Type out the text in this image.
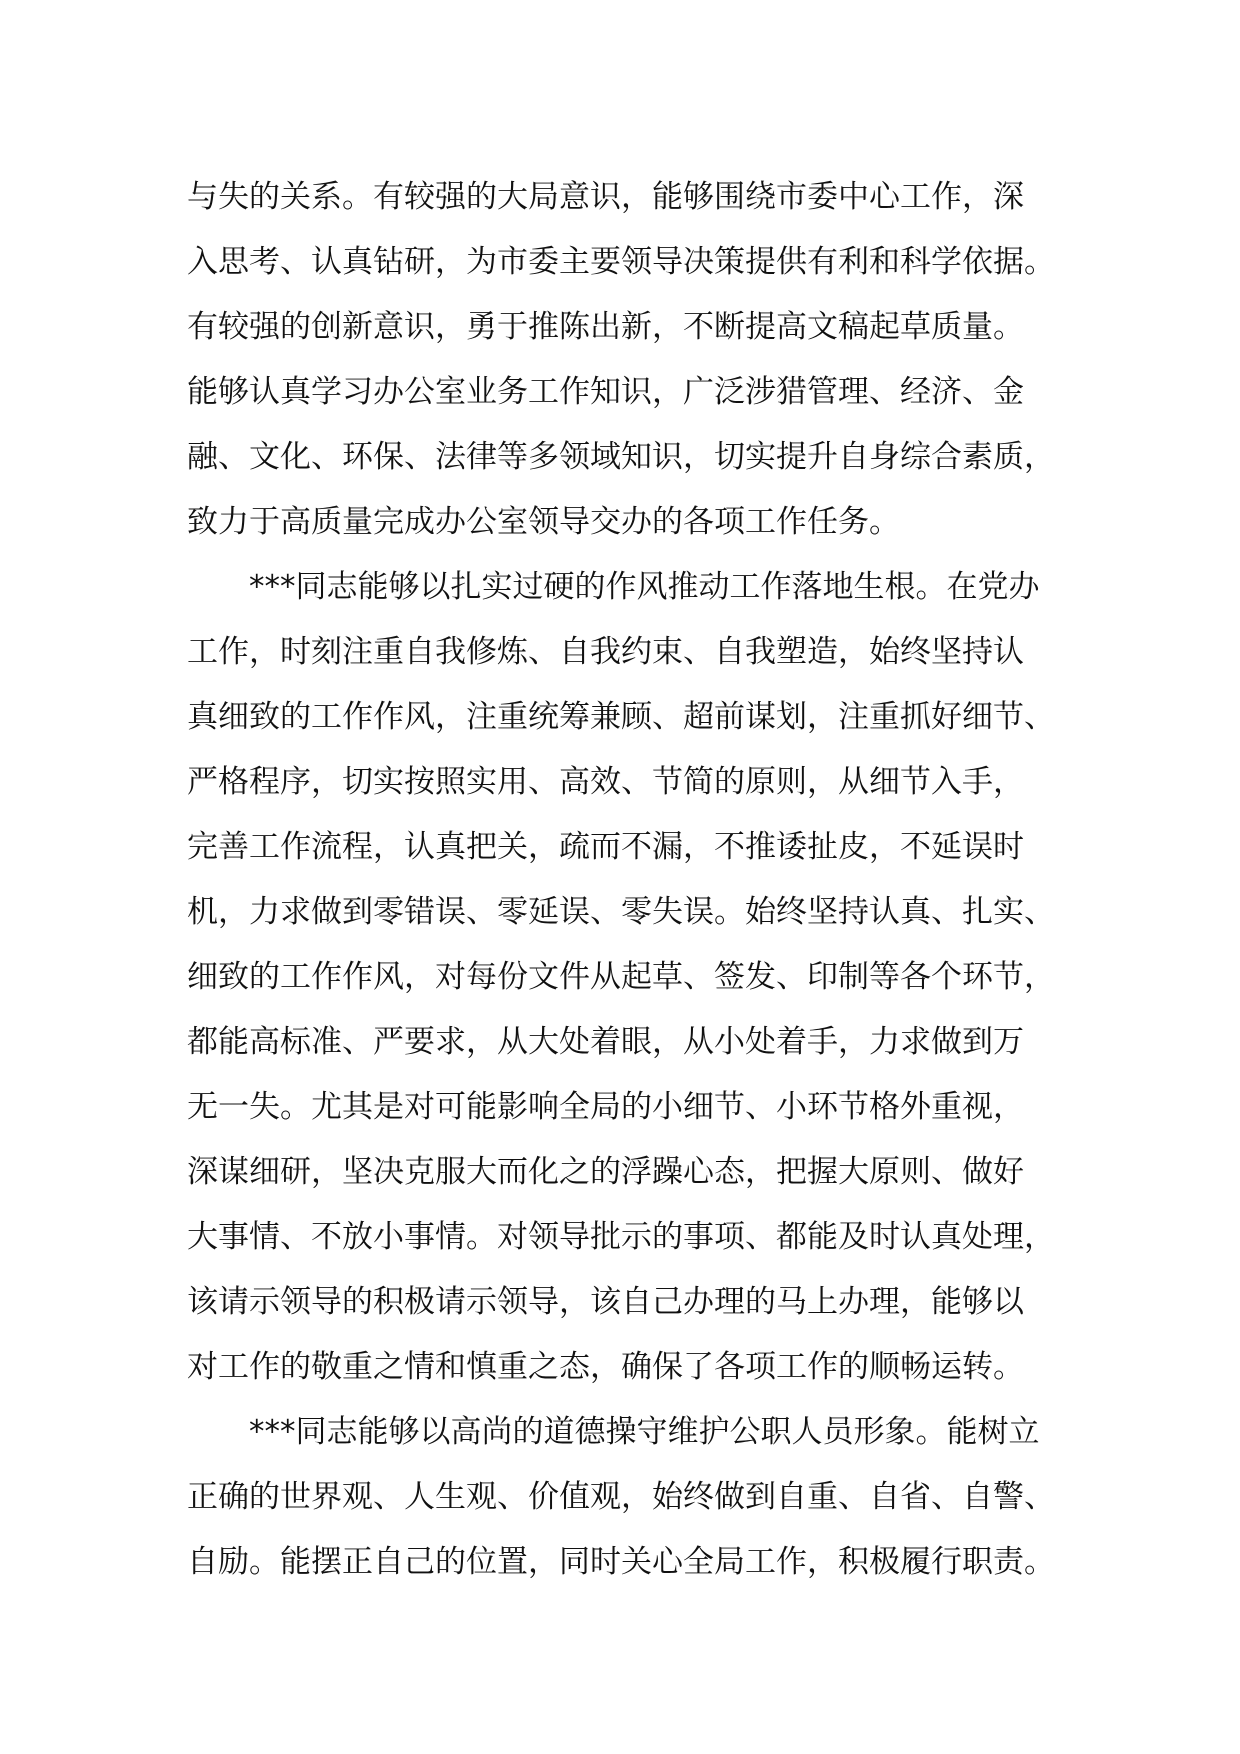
与失的关系。有较强的大局意识，能够围绕市委中心工作，深
入思考、认真钻研，为市委主要领导决策提供有利和科学依据。
有较强的创新意识，勇于推陈出新，不断提高文稿起草质量。
能够认真学习办公室业务工作知识，广泛涉猎管理、经济、金
融、文化、环保、法律等多领域知识，切实提升自身综合素质，
致力于高质量完成办公室领导交办的各项工作任务。
***同志能够以扎实过硬的作风推动工作落地生根。在党办
工作，时刻注重自我修炼、自我约束、自我塑造，始终坚持认
真细致的工作作风，注重统筹兼顾、超前谋划，注重抓好细节、
严格程序，切实按照实用、高效、节简的原则，从细节入手，
完善工作流程，认真把关，疏而不漏，不推诿扯皮，不延误时
机，力求做到零错误、零延误、零失误。始终坚持认真、扎实、
细致的工作作风，对每份文件从起草、签发、印制等各个环节，
都能高标准、严要求，从大处着眼，从小处着手，力求做到万
无一失。尤其是对可能影响全局的小细节、小环节格外重视，
深谋细研，坚决克服大而化之的浮躁心态，把握大原则、做好
大事情、不放小事情。对领导批示的事项、都能及时认真处理，
该请示领导的积极请示领导，该自己办理的马上办理，能够以
对工作的敬重之情和慎重之态，确保了各项工作的顺畅运转。
***同志能够以高尚的道德操守维护公职人员形象。能树立
正确的世界观、人生观、价值观，始终做到自重、自省、自警、
自励。能摆正自己的位置，同时关心全局工作，积极履行职责。
